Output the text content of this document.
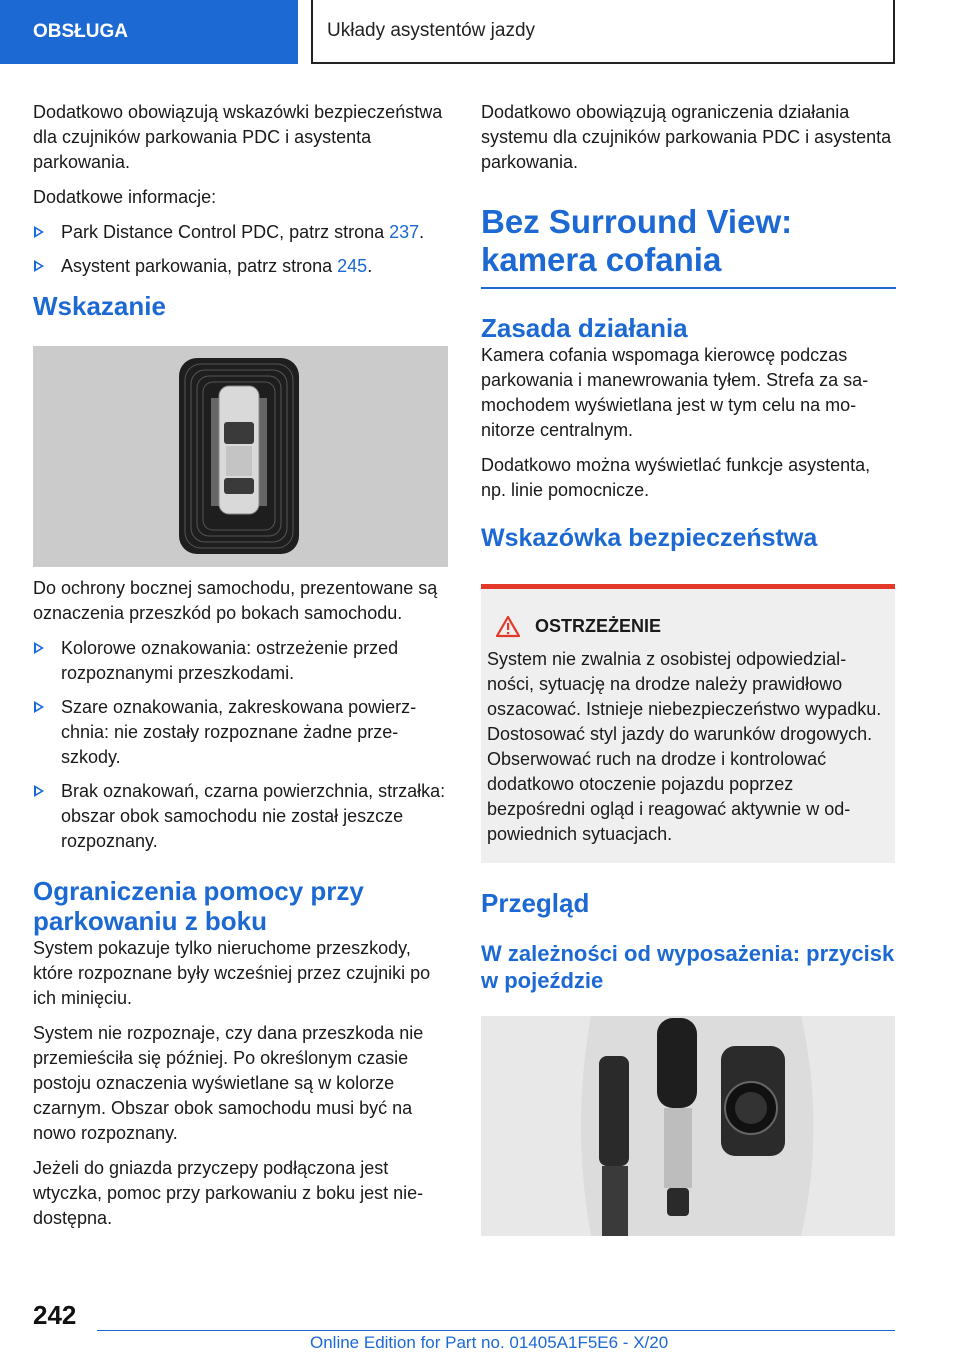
OBSŁUGA	Układy asystentów jazdy

Dodatkowo obowiązują wskazówki bezpieczeństwa dla czujników parkowania PDC i asystenta parkowania.

Dodatkowe informacje:

Park Distance Control PDC, patrz strona 237.
Asystent parkowania, patrz strona 245.
Wskazanie

Do ochrony bocznej samochodu, prezentowane są oznaczenia przeszkód po bokach samochodu.

Kolorowe oznakowania: ostrzeżenie przed rozpoznanymi przeszkodami.
Szare oznakowania, zakreskowana powierzchnia: nie zostały rozpoznane żadne przeszkody.
Brak oznakowań, czarna powierzchnia, strzałka: obszar obok samochodu nie został jeszcze rozpoznany.
Ograniczenia pomocy przy parkowaniu z boku

System pokazuje tylko nieruchome przeszkody, które rozpoznane były wcześniej przez czujniki po ich minięciu.

System nie rozpoznaje, czy dana przeszkoda nie przemieściła się później. Po określonym czasie postoju oznaczenia wyświetlane są w kolorze czarnym. Obszar obok samochodu musi być na nowo rozpoznany.

Jeżeli do gniazda przyczepy podłączona jest wtyczka, pomoc przy parkowaniu z boku jest niedostępna.

Dodatkowo obowiązują ograniczenia działania systemu dla czujników parkowania PDC i asystenta parkowania.

Bez Surround View: kamera cofania
Zasada działania

Kamera cofania wspomaga kierowcę podczas parkowania i manewrowania tyłem. Strefa za samochodem wyświetlana jest w tym celu na monitorze centralnym.

Dodatkowo można wyświetlać funkcje asystenta, np. linie pomocnicze.

Wskazówka bezpieczeństwa
OSTRZEŻENIE

System nie zwalnia z osobistej odpowiedzialności, sytuację na drodze należy prawidłowo oszacować. Istnieje niebezpieczeństwo wypadku. Dostosować styl jazdy do warunków drogowych. Obserwować ruch na drodze i kontrolować dodatkowo otoczenie pojazdu poprzez bezpośredni ogląd i reagować aktywnie w odpowiednich sytuacjach.

Przegląd
W zależności od wyposażenia: przycisk w pojeździe
242
Online Edition for Part no. 01405A1F5E6 - X/20
